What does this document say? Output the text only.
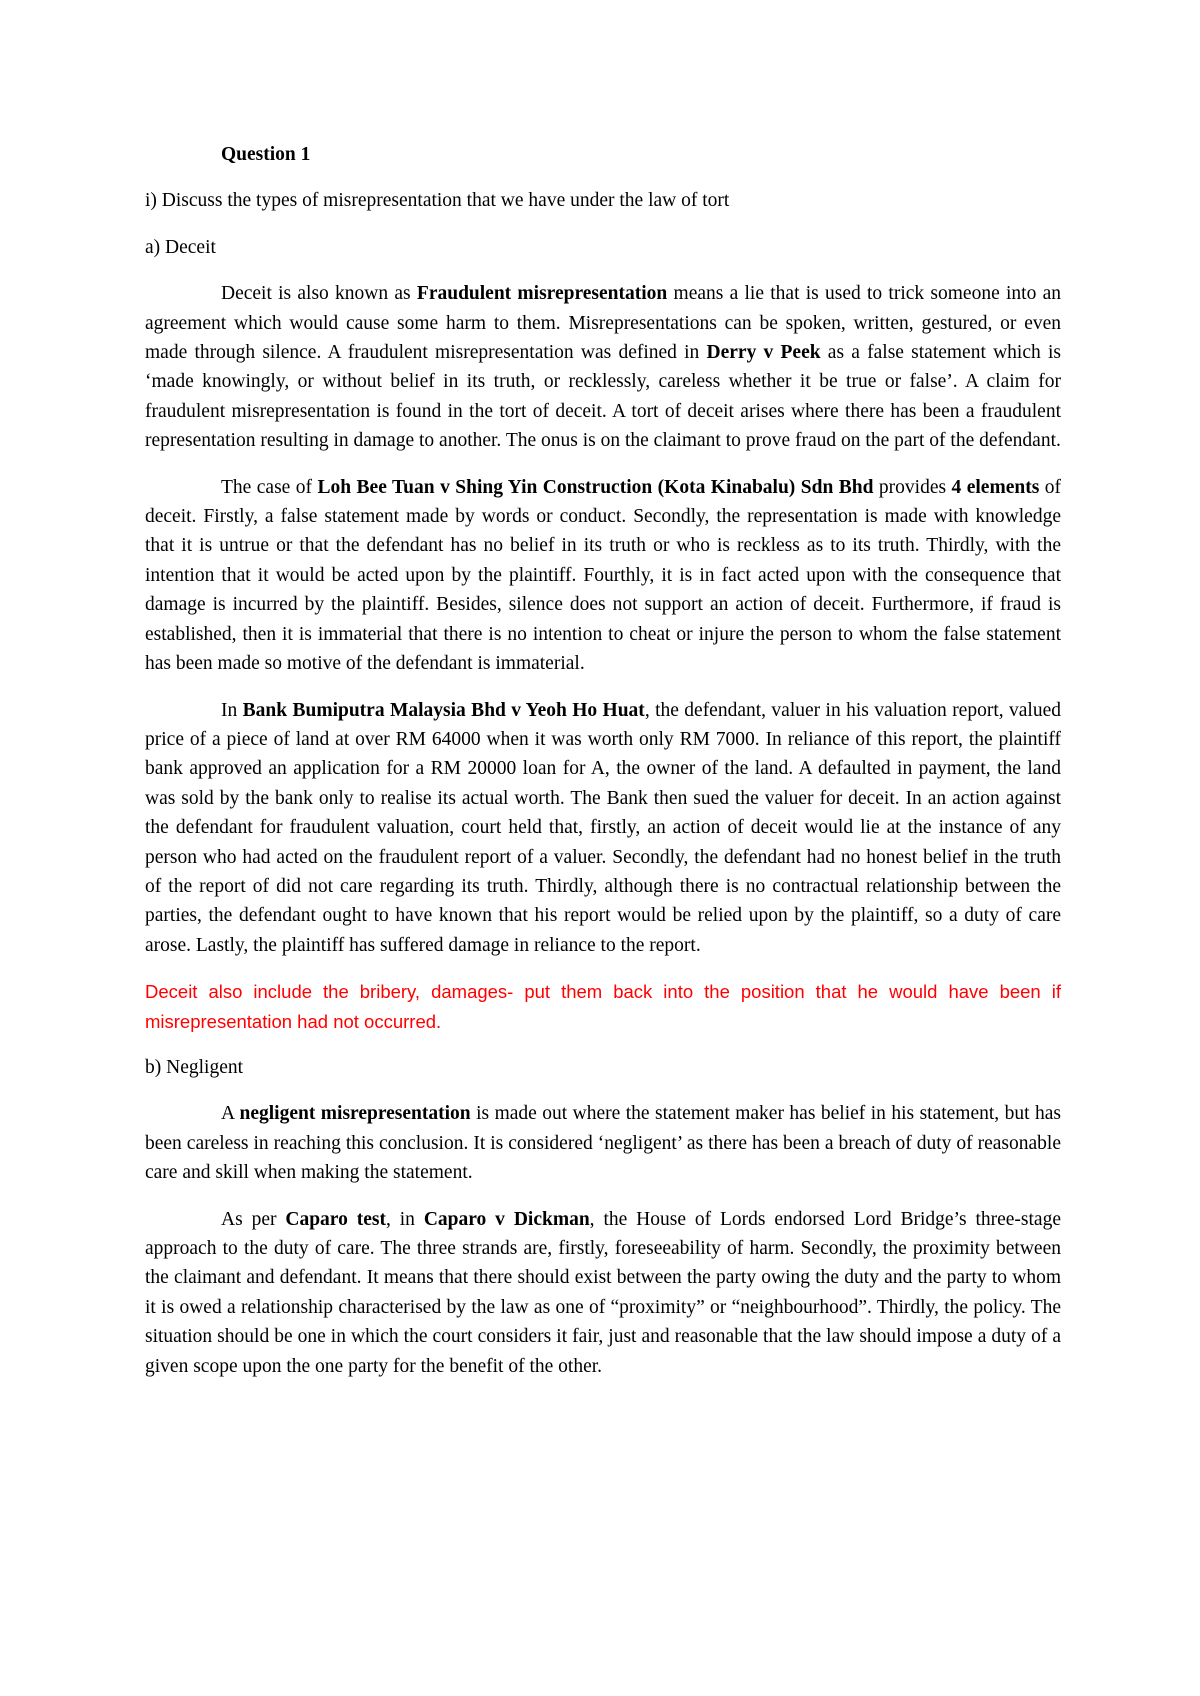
Question 1
i) Discuss the types of misrepresentation that we have under the law of tort
a) Deceit

Deceit is also known as Fraudulent misrepresentation means a lie that is used to trick someone into an agreement which would cause some harm to them. Misrepresentations can be spoken, written, gestured, or even made through silence. A fraudulent misrepresentation was defined in Derry v Peek as a false statement which is ‘made knowingly, or without belief in its truth, or recklessly, careless whether it be true or false’. A claim for fraudulent misrepresentation is found in the tort of deceit. A tort of deceit arises where there has been a fraudulent representation resulting in damage to another. The onus is on the claimant to prove fraud on the part of the defendant.

The case of Loh Bee Tuan v Shing Yin Construction (Kota Kinabalu) Sdn Bhd provides 4 elements of deceit. Firstly, a false statement made by words or conduct. Secondly, the representation is made with knowledge that it is untrue or that the defendant has no belief in its truth or who is reckless as to its truth. Thirdly, with the intention that it would be acted upon by the plaintiff. Fourthly, it is in fact acted upon with the consequence that damage is incurred by the plaintiff. Besides, silence does not support an action of deceit. Furthermore, if fraud is established, then it is immaterial that there is no intention to cheat or injure the person to whom the false statement has been made so motive of the defendant is immaterial.

In Bank Bumiputra Malaysia Bhd v Yeoh Ho Huat, the defendant, valuer in his valuation report, valued price of a piece of land at over RM 64000 when it was worth only RM 7000. In reliance of this report, the plaintiff bank approved an application for a RM 20000 loan for A, the owner of the land. A defaulted in payment, the land was sold by the bank only to realise its actual worth. The Bank then sued the valuer for deceit. In an action against the defendant for fraudulent valuation, court held that, firstly, an action of deceit would lie at the instance of any person who had acted on the fraudulent report of a valuer. Secondly, the defendant had no honest belief in the truth of the report of did not care regarding its truth. Thirdly, although there is no contractual relationship between the parties, the defendant ought to have known that his report would be relied upon by the plaintiff, so a duty of care arose. Lastly, the plaintiff has suffered damage in reliance to the report.

Deceit also include the bribery, damages- put them back into the position that he would have been if misrepresentation had not occurred.

b) Negligent

A negligent misrepresentation is made out where the statement maker has belief in his statement, but has been careless in reaching this conclusion. It is considered ‘negligent’ as there has been a breach of duty of reasonable care and skill when making the statement.

As per Caparo test, in Caparo v Dickman, the House of Lords endorsed Lord Bridge’s three-stage approach to the duty of care. The three strands are, firstly, foreseeability of harm. Secondly, the proximity between the claimant and defendant. It means that there should exist between the party owing the duty and the party to whom it is owed a relationship characterised by the law as one of “proximity” or “neighbourhood”. Thirdly, the policy. The situation should be one in which the court considers it fair, just and reasonable that the law should impose a duty of a given scope upon the one party for the benefit of the other.
